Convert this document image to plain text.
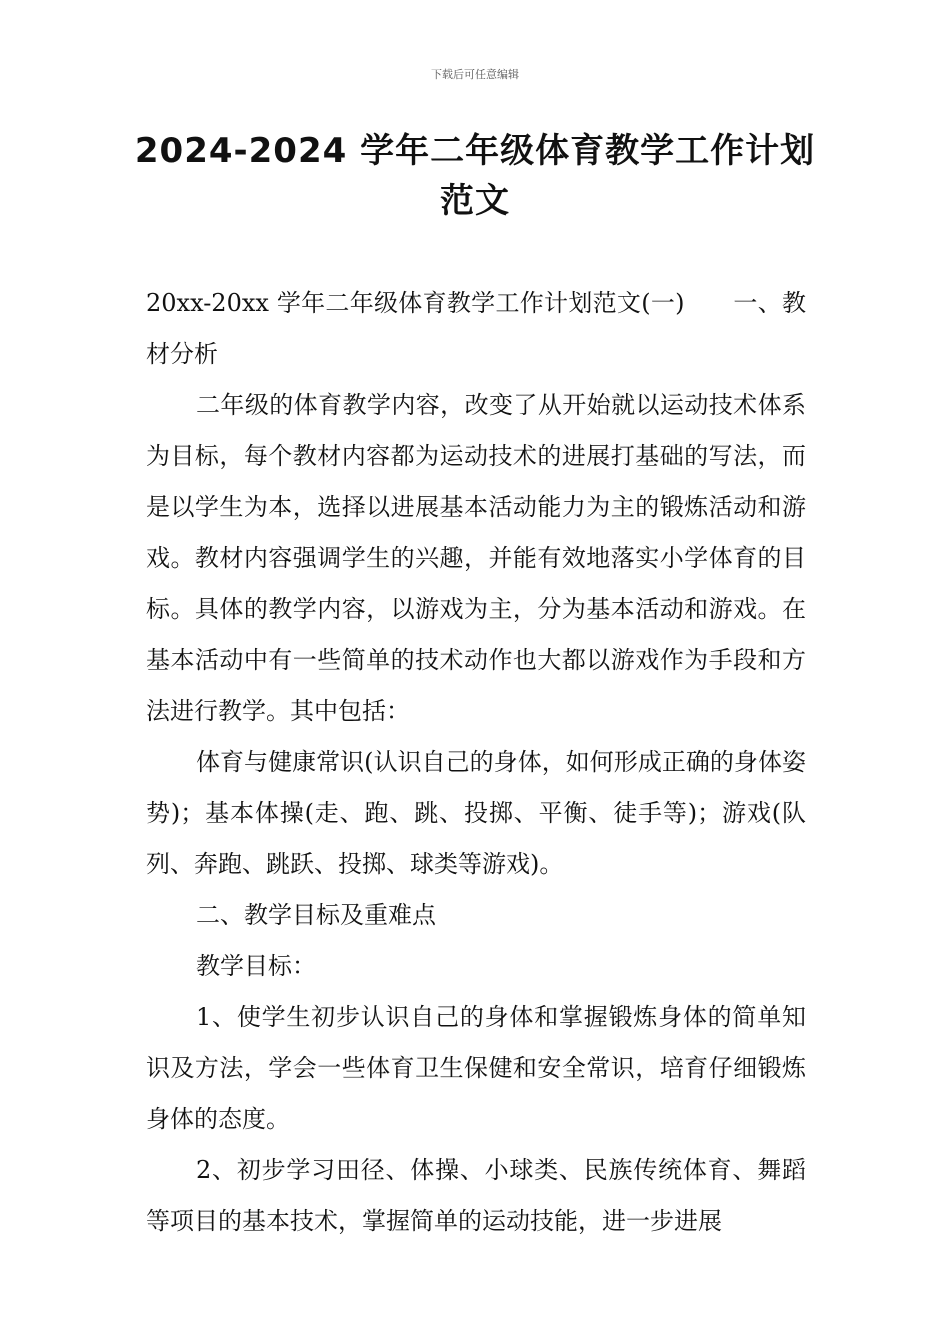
下载后可任意编辑
2024-2024 学年二年级体育教学工作计划范文

20xx-20xx 学年二年级体育教学工作计划范文(一)　　一、教材分析

二年级的体育教学内容，改变了从开始就以运动技术体系为目标，每个教材内容都为运动技术的进展打基础的写法，而是以学生为本，选择以进展基本活动能力为主的锻炼活动和游戏。教材内容强调学生的兴趣，并能有效地落实小学体育的目标。具体的教学内容，以游戏为主，分为基本活动和游戏。在基本活动中有一些简单的技术动作也大都以游戏作为手段和方法进行教学。其中包括：

体育与健康常识(认识自己的身体，如何形成正确的身体姿势)；基本体操(走、跑、跳、投掷、平衡、徒手等)；游戏(队列、奔跑、跳跃、投掷、球类等游戏)。

二、教学目标及重难点

教学目标：

1、使学生初步认识自己的身体和掌握锻炼身体的简单知识及方法，学会一些体育卫生保健和安全常识，培育仔细锻炼身体的态度。

2、初步学习田径、体操、小球类、民族传统体育、舞蹈等项目的基本技术，掌握简单的运动技能，进一步进展
